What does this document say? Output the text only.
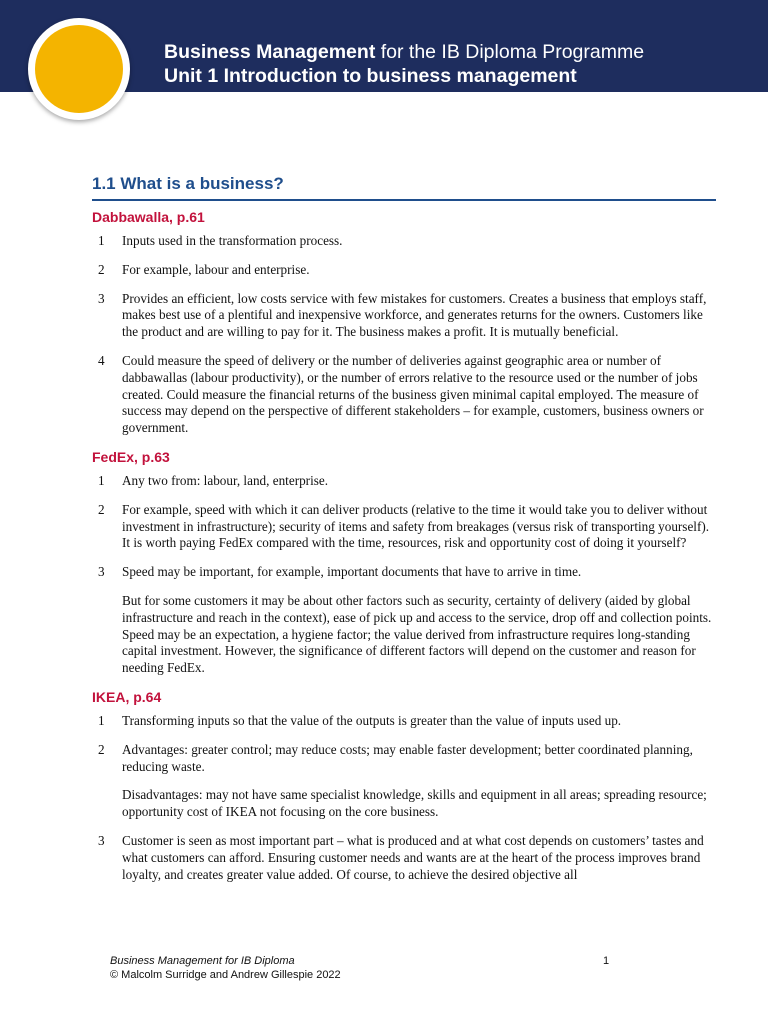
Business Management for the IB Diploma Programme
Unit 1 Introduction to business management
1.1 What is a business?
Dabbawalla, p.61
1	Inputs used in the transformation process.

2	For example, labour and enterprise.

3	Provides an efficient, low costs service with few mistakes for customers. Creates a business that employs staff, makes best use of a plentiful and inexpensive workforce, and generates returns for the owners. Customers like the product and are willing to pay for it. The business makes a profit. It is mutually beneficial.

4	Could measure the speed of delivery or the number of deliveries against geographic area or number of dabbawallas (labour productivity), or the number of errors relative to the resource used or the number of jobs created. Could measure the financial returns of the business given minimal capital employed. The measure of success may depend on the perspective of different stakeholders – for example, customers, business owners or government.

FedEx, p.63
1	Any two from: labour, land, enterprise.

2	For example, speed with which it can deliver products (relative to the time it would take you to deliver without investment in infrastructure); security of items and safety from breakages (versus risk of transporting yourself). It is worth paying FedEx compared with the time, resources, risk and opportunity cost of doing it yourself?

3	Speed may be important, for example, important documents that have to arrive in time.

But for some customers it may be about other factors such as security, certainty of delivery (aided by global infrastructure and reach in the context), ease of pick up and access to the service, drop off and collection points. Speed may be an expectation, a hygiene factor; the value derived from infrastructure requires long-standing capital investment. However, the significance of different factors will depend on the customer and reason for needing FedEx.

IKEA, p.64
1	Transforming inputs so that the value of the outputs is greater than the value of inputs used up.

2	Advantages: greater control; may reduce costs; may enable faster development; better coordinated planning, reducing waste.

Disadvantages: may not have same specialist knowledge, skills and equipment in all areas; spreading resource; opportunity cost of IKEA not focusing on the core business.

3	Customer is seen as most important part – what is produced and at what cost depends on customers’ tastes and what customers can afford. Ensuring customer needs and wants are at the heart of the process improves brand loyalty, and creates greater value added. Of course, to achieve the desired objective all

Business Management for IB Diploma
© Malcolm Surridge and Andrew Gillespie 2022
1
